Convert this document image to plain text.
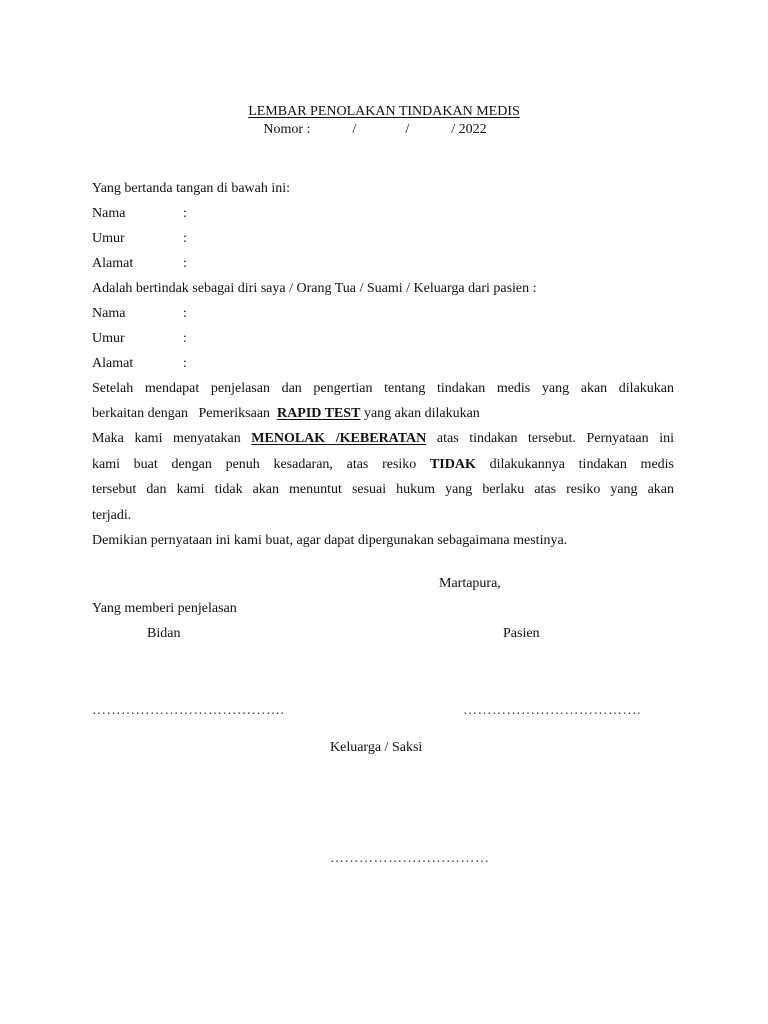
LEMBAR PENOLAKAN TINDAKAN MEDIS
Nomor :            /              /            / 2022
Yang bertanda tangan di bawah ini:
Nama	:
Umur	:
Alamat	:
Adalah bertindak sebagai diri saya / Orang Tua / Suami / Keluarga dari pasien :
Nama	:
Umur	:
Alamat	:
Setelah mendapat penjelasan dan pengertian tentang tindakan medis yang akan dilakukan
berkaitan dengan   Pemeriksaan RAPID TEST yang akan dilakukan
Maka kami menyatakan MENOLAK /KEBERATAN atas tindakan tersebut. Pernyataan ini
kami buat dengan penuh kesadaran, atas resiko TIDAK dilakukannya tindakan medis
tersebut dan kami tidak akan menuntut sesuai hukum yang berlaku atas resiko yang akan
terjadi.
Demikian pernyataan ini kami buat, agar dapat dipergunakan sebagaimana mestinya.
Martapura,
Yang memberi penjelasan
Bidan	Pasien
………………………………….	……………………………….
Keluarga / Saksi
……………………………
